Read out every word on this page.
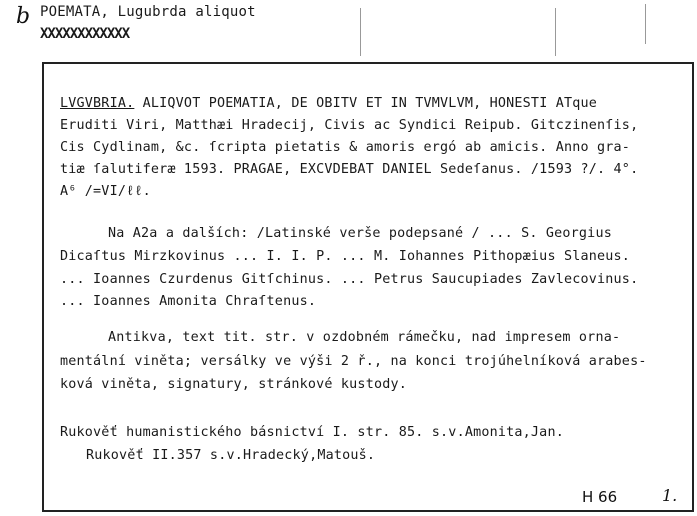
b POEMATA, Lugubrda aliquot
XXXXXXXXXXXX
LVGVBRIA. ALIQVOT POEMATIA, DE OBITV ET IN TVMVLVM, HONESTI ATque
Eruditi Viri, Matthæi Hradecij, Civis ac Syndici Reipub. Gitczinenſis,
Cis Cydlinam, &c. ſcripta pietatis & amoris ergó ab amicis. Anno gra-
tiæ ſalutiferæ 1593. PRAGAE, EXCVDEBAT DANIEL Sedeſanus. /1593 ?/. 4°.
A⁶ /=VI/ℓℓ.
Na A2a a dalších: /Latinské verše podepsané / ... S. Georgius
Dicaſtus Mirzkovinus ... I. I. P. ... M. Iohannes Pithopæius Slaneus.
... Ioannes Czurdenus Gitſchinus. ... Petrus Saucupiades Zavlecovinus.
... Ioannes Amonita Chraſtenus.
Antikva, text tit. str. v ozdobném rámečku, nad impresem orna-
mentální viněta; versálky ve výši 2 ř., na konci trojúhelníková arabes-
ková viněta, signatury, stránkové kustody.
Rukověť humanistického básnictví I. str. 85. s.v.Amonita,Jan.
Rukověť II.357 s.v.Hradecký,Matouš.
H 66	1.
